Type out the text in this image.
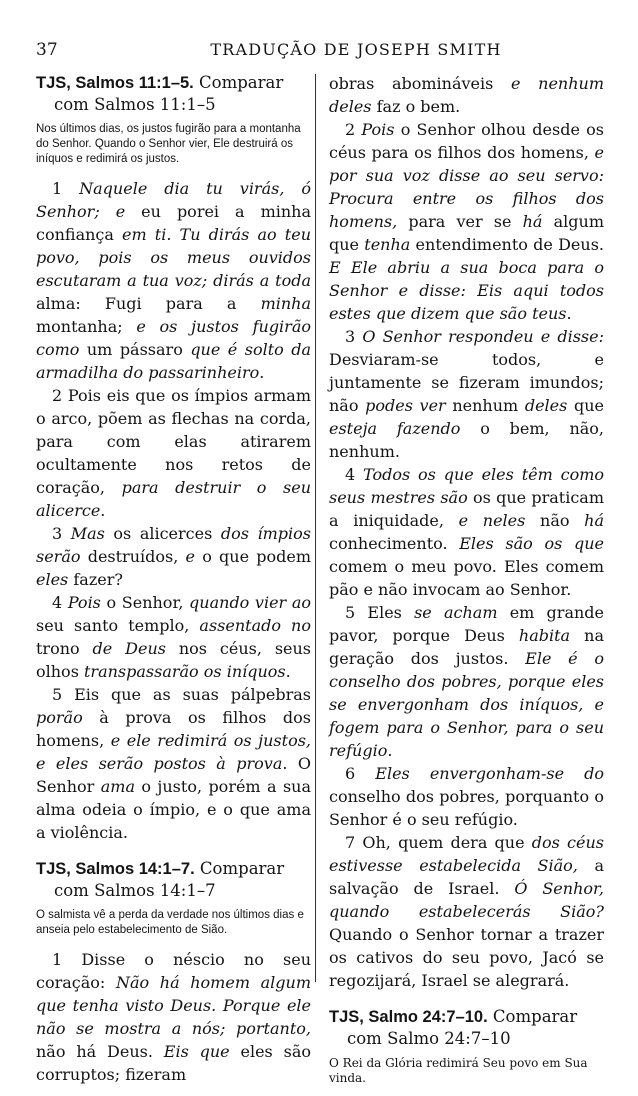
37	TRADUÇÃO DE JOSEPH SMITH
TJS, Salmos 11:1–5. Comparar com Salmos 11:1–5
Nos últimos dias, os justos fugirão para a montanha do Senhor. Quando o Senhor vier, Ele destruirá os iníquos e redimirá os justos.

1 Naquele dia tu virás, ó Senhor; e eu porei a minha confiança em ti. Tu dirás ao teu povo, pois os meus ouvidos escutaram a tua voz; dirás a toda alma: Fugi para a minha montanha; e os justos fugirão como um pássaro que é solto da armadilha do passarinheiro.

2 Pois eis que os ímpios armam o arco, põem as flechas na corda, para com elas atirarem ocultamente nos retos de coração, para destruir o seu alicerce.

3 Mas os alicerces dos ímpios serão destruídos, e o que podem eles fazer?

4 Pois o Senhor, quando vier ao seu santo templo, assentado no trono de Deus nos céus, seus olhos transpassarão os iníquos.

5 Eis que as suas pálpebras porão à prova os filhos dos homens, e ele redimirá os justos, e eles serão postos à prova. O Senhor ama o justo, porém a sua alma odeia o ímpio, e o que ama a violência.

TJS, Salmos 14:1–7. Comparar com Salmos 14:1–7
O salmista vê a perda da verdade nos últimos dias e anseia pelo estabelecimento de Sião.

1 Disse o néscio no seu coração: Não há homem algum que tenha visto Deus. Porque ele não se mostra a nós; portanto, não há Deus. Eis que eles são corruptos; fizeram

obras abomináveis e nenhum deles faz o bem.

2 Pois o Senhor olhou desde os céus para os filhos dos homens, e por sua voz disse ao seu servo: Procura entre os filhos dos homens, para ver se há algum que tenha entendimento de Deus. E Ele abriu a sua boca para o Senhor e disse: Eis aqui todos estes que dizem que são teus.

3 O Senhor respondeu e disse: Desviaram-se todos, e juntamente se fizeram imundos; não podes ver nenhum deles que esteja fazendo o bem, não, nenhum.

4 Todos os que eles têm como seus mestres são os que praticam a iniquidade, e neles não há conhecimento. Eles são os que comem o meu povo. Eles comem pão e não invocam ao Senhor.

5 Eles se acham em grande pavor, porque Deus habita na geração dos justos. Ele é o conselho dos pobres, porque eles se envergonham dos iníquos, e fogem para o Senhor, para o seu refúgio.

6 Eles envergonham-se do conselho dos pobres, porquanto o Senhor é o seu refúgio.

7 Oh, quem dera que dos céus estivesse estabelecida Sião, a salvação de Israel. Ó Senhor, quando estabelecerás Sião? Quando o Senhor tornar a trazer os cativos do seu povo, Jacó se regozijará, Israel se alegrará.

TJS, Salmo 24:7–10. Comparar com Salmo 24:7–10
O Rei da Glória redimirá Seu povo em Sua vinda.
